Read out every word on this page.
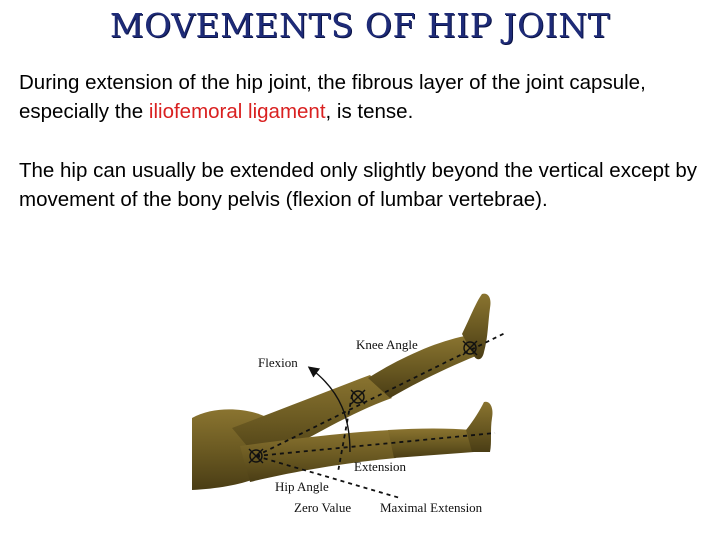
MOVEMENTS OF HIP JOINT
During extension of the hip joint, the fibrous layer of the joint capsule, especially the iliofemoral ligament, is tense.
The hip can usually be extended only slightly beyond the vertical except by movement of the bony pelvis (flexion of lumbar vertebrae).
Knee Angle
Flexion
Extension
Hip Angle
Zero Value Maximal Extension
